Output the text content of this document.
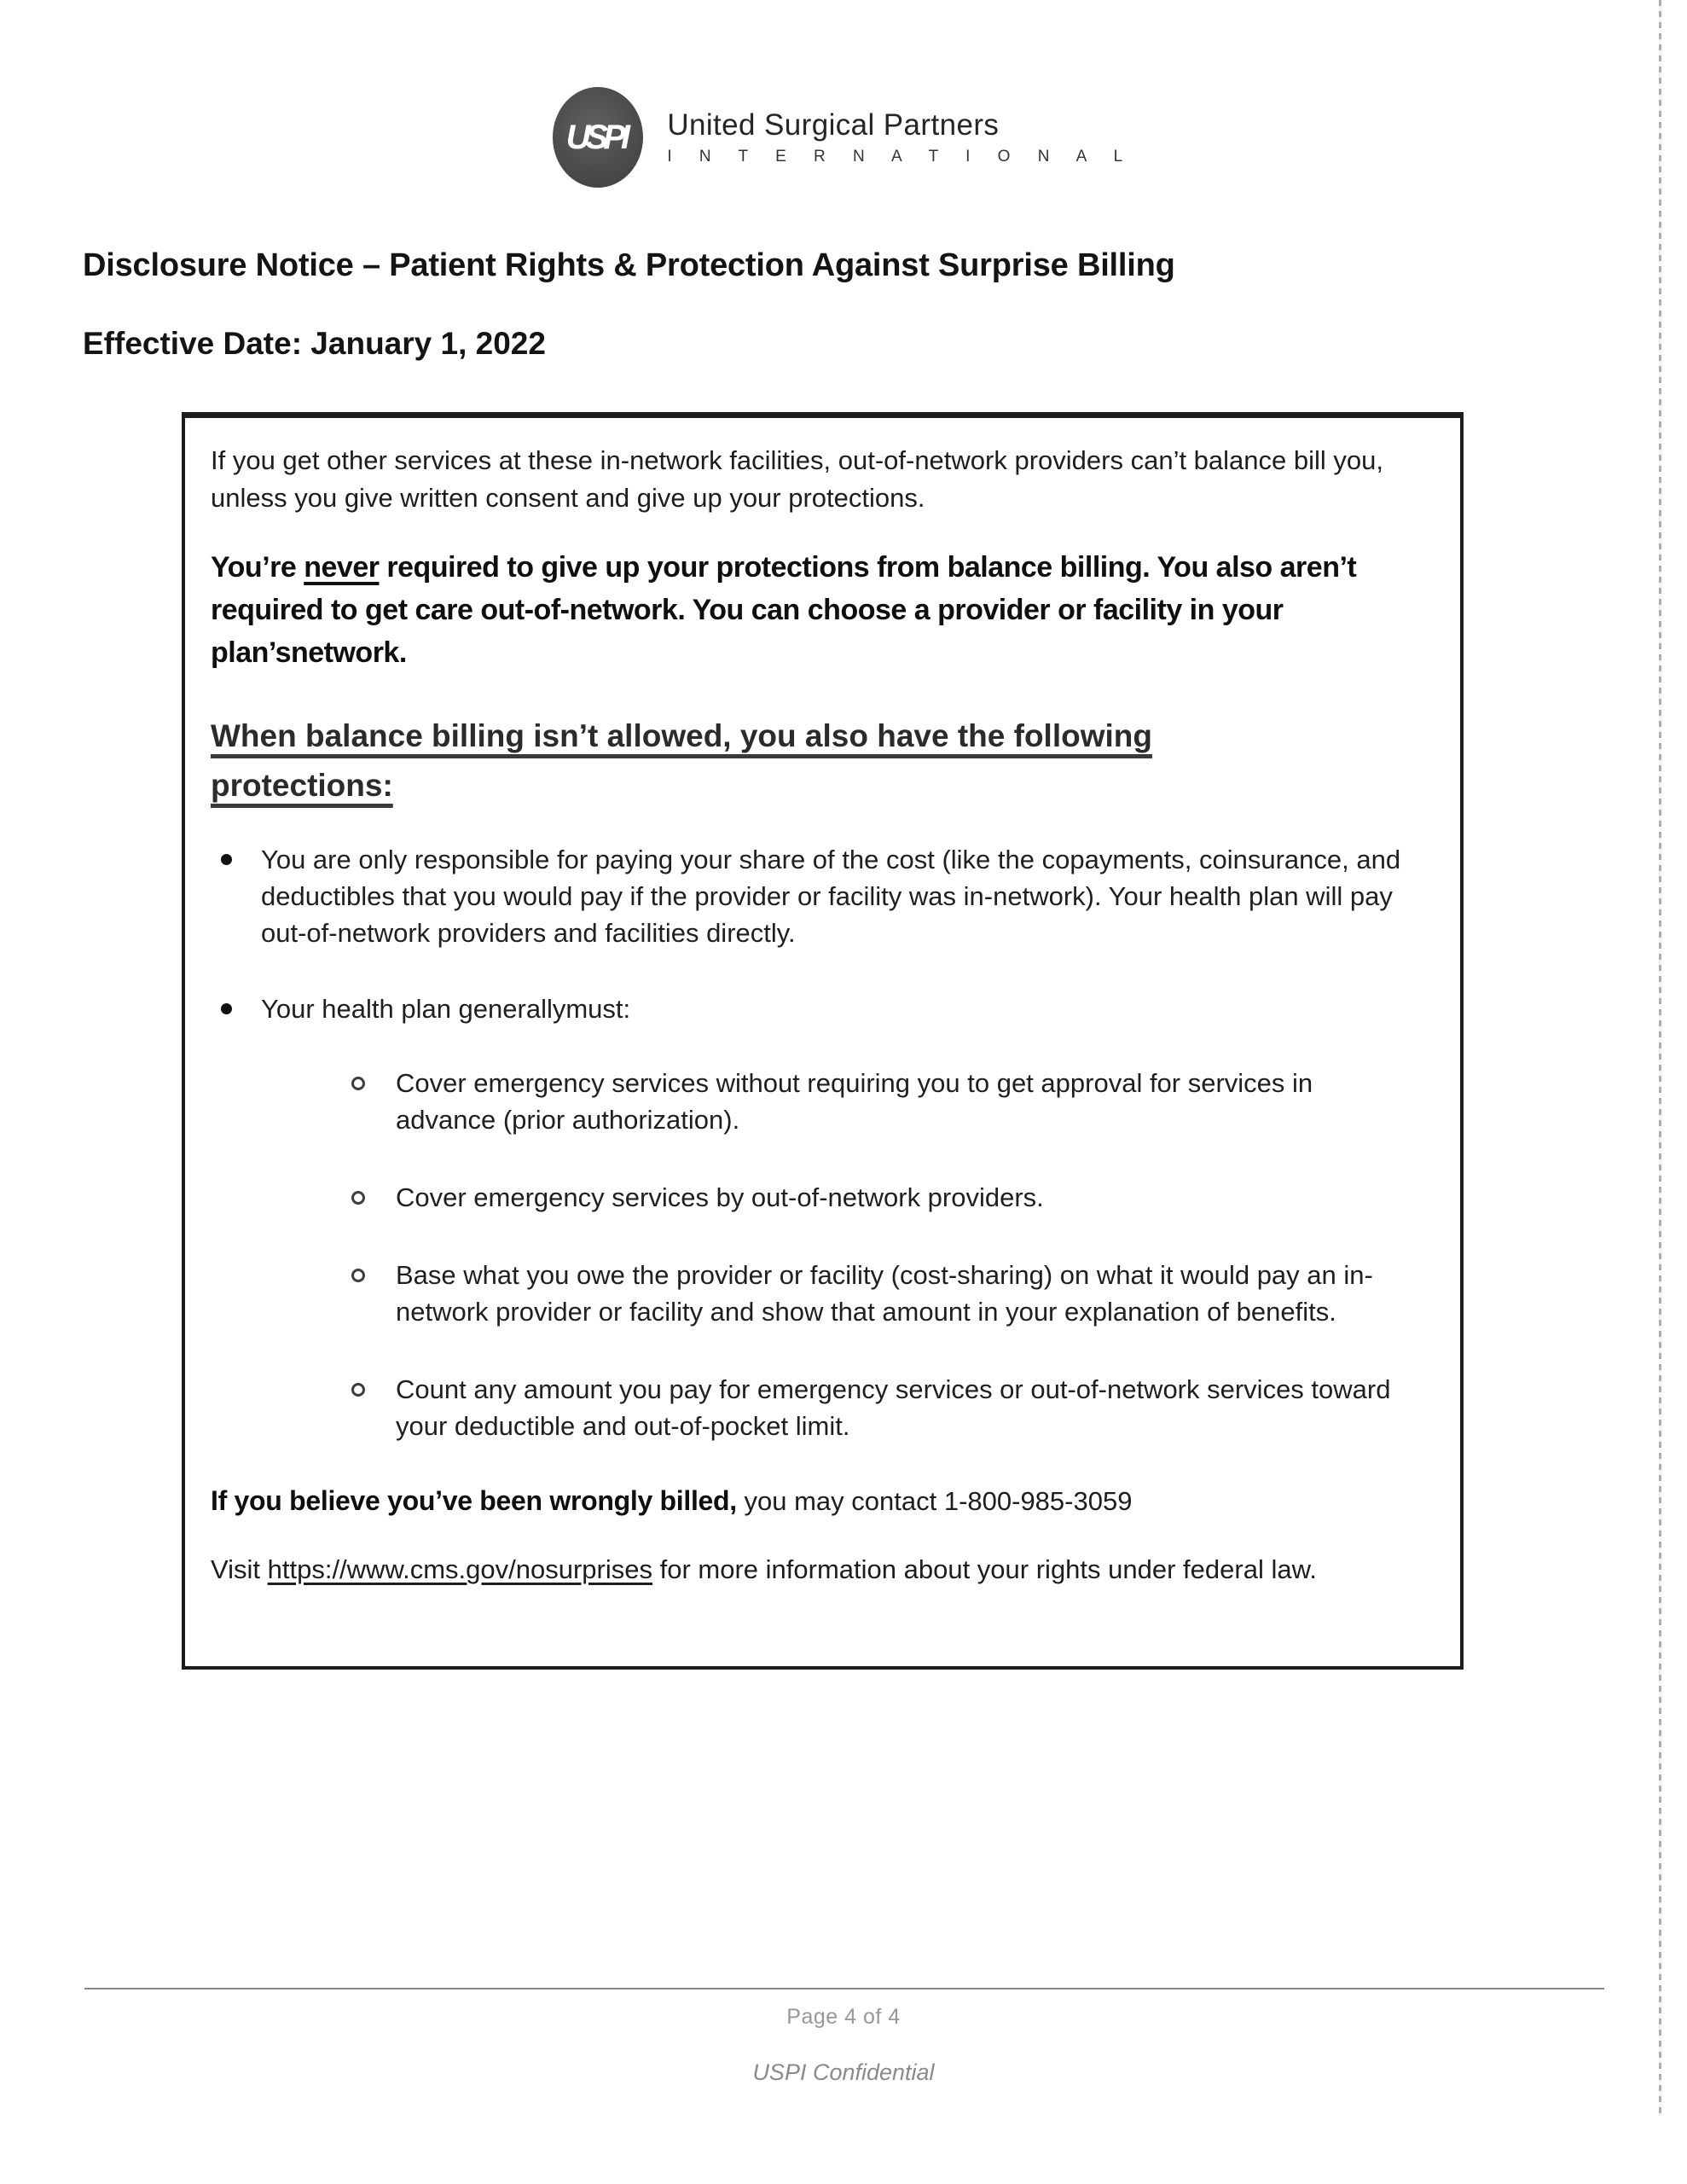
USPI United Surgical Partners
I N T E R N A T I O N A L
Disclosure Notice – Patient Rights & Protection Against Surprise Billing
Effective Date: January 1, 2022

If you get other services at these in-network facilities, out-of-network providers can’t balance bill you, unless you give written consent and give up your protections.

You’re never required to give up your protections from balance billing. You also aren’t required to get care out-of-network. You can choose a provider or facility in your plan’snetwork.

When balance billing isn’t allowed, you also have the following protections:
You are only responsible for paying your share of the cost (like the copayments, coinsurance, and deductibles that you would pay if the provider or facility was in-network). Your health plan will pay out-of-network providers and facilities directly.
Your health plan generallymust:
Cover emergency services without requiring you to get approval for services in advance (prior authorization).
Cover emergency services by out-of-network providers.
Base what you owe the provider or facility (cost-sharing) on what it would pay an in-network provider or facility and show that amount in your explanation of benefits.
Count any amount you pay for emergency services or out-of-network services toward your deductible and out-of-pocket limit.

If you believe you’ve been wrongly billed, you may contact 1-800-985-3059

Visit https://www.cms.gov/nosurprises for more information about your rights under federal law.

Page 4 of 4
USPI Confidential
